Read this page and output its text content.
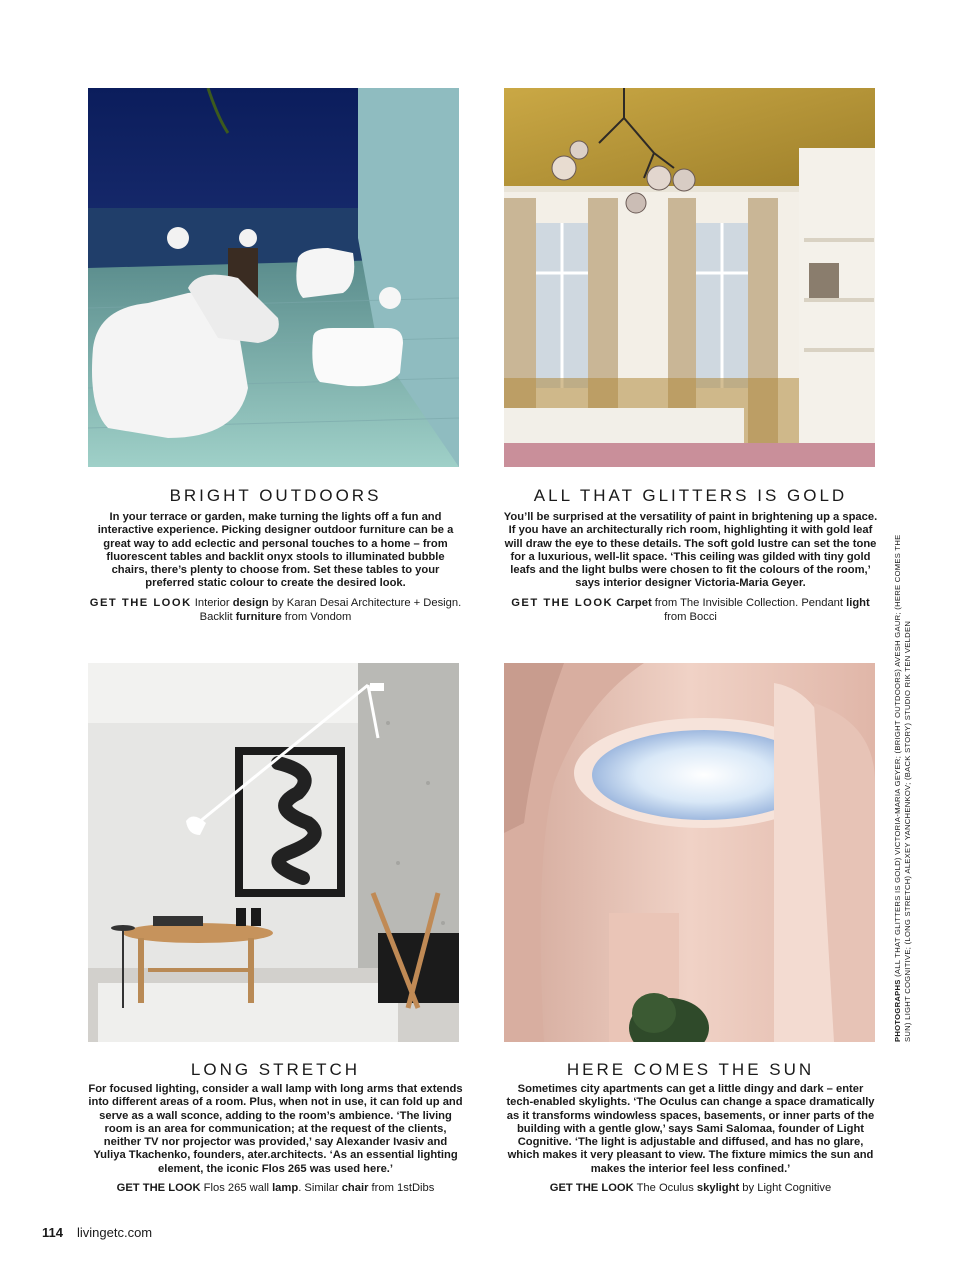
BRIGHT OUTDOORS

In your terrace or garden, make turning the lights off a fun and interactive experience. Picking designer outdoor furniture can be a great way to add eclectic and personal touches to a home – from fluorescent tables and backlit onyx stools to illuminated bubble chairs, there’s plenty to choose from. Set these tables to your preferred static colour to create the desired look.

GET THE LOOK Interior design by Karan Desai Architecture + Design. Backlit furniture from Vondom

ALL THAT GLITTERS IS GOLD

You’ll be surprised at the versatility of paint in brightening up a space. If you have an architecturally rich room, highlighting it with gold leaf will draw the eye to these details. The soft gold lustre can set the tone for a luxurious, well-lit space. ‘This ceiling was gilded with tiny gold leafs and the light bulbs were chosen to fit the colours of the room,’ says interior designer Victoria-Maria Geyer.

GET THE LOOK Carpet from The Invisible Collection. Pendant light from Bocci

LONG STRETCH

For focused lighting, consider a wall lamp with long arms that extends into different areas of a room. Plus, when not in use, it can fold up and serve as a wall sconce, adding to the room’s ambience. ‘The living room is an area for communication; at the request of the clients, neither TV nor projector was provided,’ say Alexander Ivasiv and Yuliya Tkachenko, founders, ater.architects. ‘As an essential lighting element, the iconic Flos 265 was used here.’

GET THE LOOK Flos 265 wall lamp. Similar chair from 1stDibs

HERE COMES THE SUN

Sometimes city apartments can get a little dingy and dark – enter tech-enabled skylights. ‘The Oculus can change a space dramatically as it transforms windowless spaces, basements, or inner parts of the building with a gentle glow,’ says Sami Salomaa, founder of Light Cognitive. ‘The light is adjustable and diffused, and has no glare, which makes it very pleasant to view. The fixture mimics the sun and makes the interior feel less confined.’

GET THE LOOK The Oculus skylight by Light Cognitive

PHOTOGRAPHS (ALL THAT GLITTERS IS GOLD) VICTORIA-MARIA GEYER; (BRIGHT OUTDOORS) AVESH GAUR; (HERE COMES THE SUN) LIGHT COGNITIVE; (LONG STRETCH) ALEXEY YANCHENKOV; (BACK STORY) STUDIO RIK TEN VELDEN
114 livingetc.com
